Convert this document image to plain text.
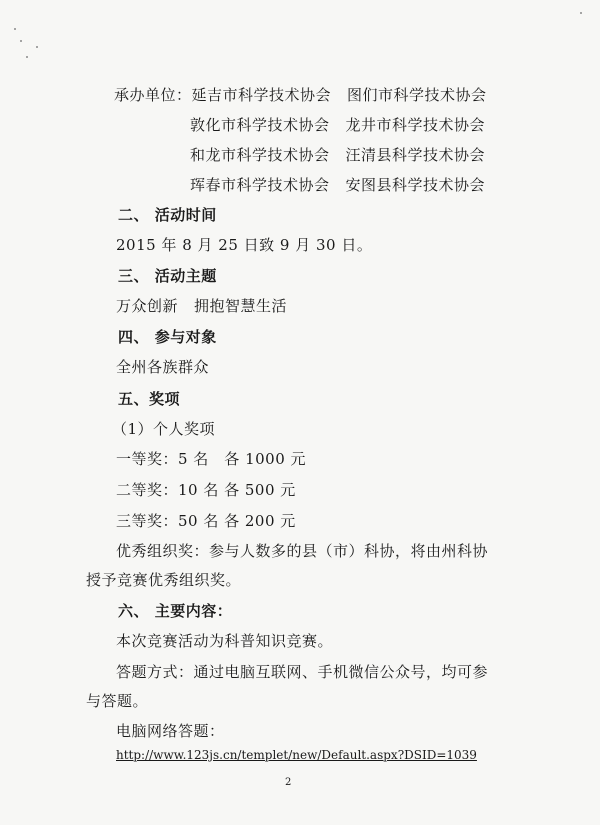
承办单位：延吉市科学技术协会 图们市科学技术协会
敦化市科学技术协会 龙井市科学技术协会
和龙市科学技术协会 汪清县科学技术协会
珲春市科学技术协会 安图县科学技术协会
二、 活动时间
2015 年 8 月 25 日致 9 月 30 日。
三、 活动主题
万众创新 拥抱智慧生活
四、 参与对象
全州各族群众
五、奖项
（1）个人奖项
一等奖：5 名　各 1000 元
二等奖：10 名 各 500 元
三等奖：50 名 各 200 元
优秀组织奖：参与人数多的县（市）科协，将由州科协
授予竞赛优秀组织奖。
六、 主要内容：
本次竞赛活动为科普知识竞赛。
答题方式：通过电脑互联网、手机微信公众号，均可参
与答题。
电脑网络答题：
http://www.123js.cn/templet/new/Default.aspx?DSID=1039
2
